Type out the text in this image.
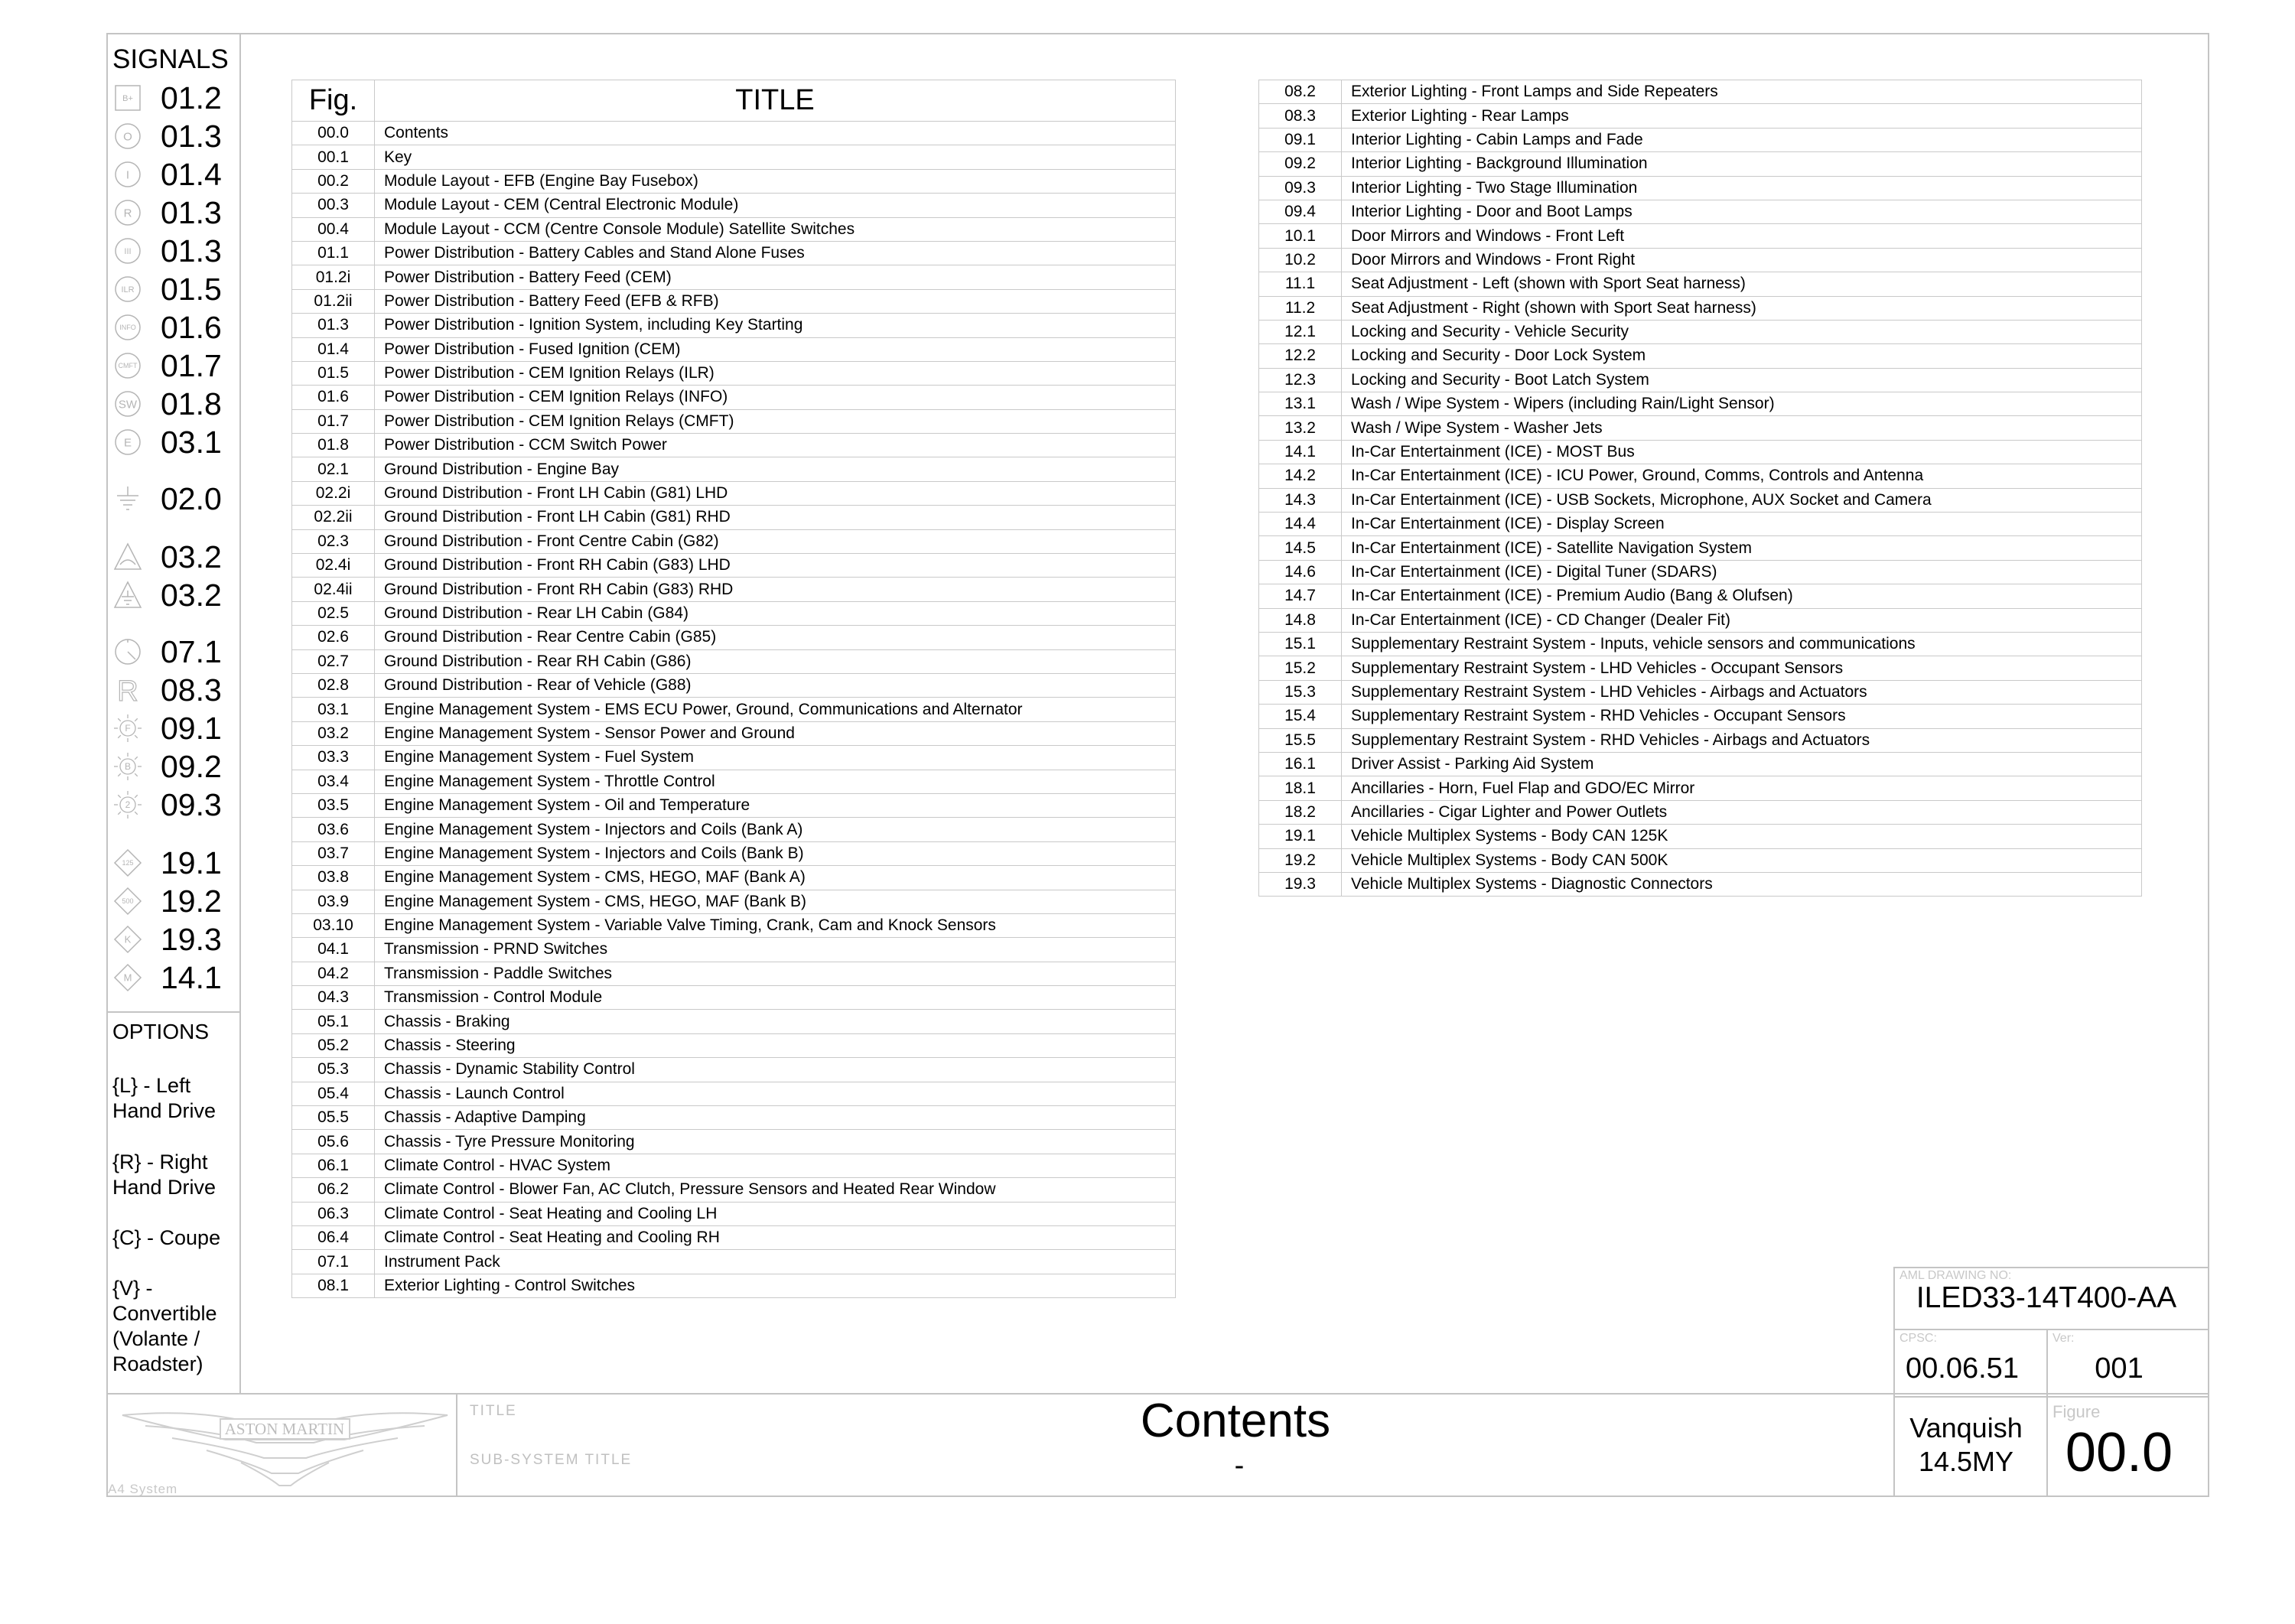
SIGNALS
B+ 01.2
O 01.3
I 01.4
R 01.3
III 01.3
ILR 01.5
INFO 01.6
CMFT 01.7
SW 01.8
E 03.1
02.0
03.2
03.2
07.1
R 08.3
F 09.1
B 09.2
2 09.3
125 19.1
500 19.2
K 19.3
M 14.1
OPTIONS
{L} - Left Hand Drive
{R} - Right Hand Drive
{C} - Coupe
{V} - Convertible (Volante / Roadster)
Fig.	TITLE
00.0	Contents
00.1	Key
00.2	Module Layout - EFB (Engine Bay Fusebox)
00.3	Module Layout - CEM (Central Electronic Module)
00.4	Module Layout - CCM (Centre Console Module) Satellite Switches
01.1	Power Distribution - Battery Cables and Stand Alone Fuses
01.2i	Power Distribution - Battery Feed (CEM)
01.2ii	Power Distribution - Battery Feed (EFB & RFB)
01.3	Power Distribution - Ignition System, including Key Starting
01.4	Power Distribution - Fused Ignition (CEM)
01.5	Power Distribution - CEM Ignition Relays (ILR)
01.6	Power Distribution - CEM Ignition Relays (INFO)
01.7	Power Distribution - CEM Ignition Relays (CMFT)
01.8	Power Distribution - CCM Switch Power
02.1	Ground Distribution - Engine Bay
02.2i	Ground Distribution - Front LH Cabin (G81) LHD
02.2ii	Ground Distribution - Front LH Cabin (G81) RHD
02.3	Ground Distribution - Front Centre Cabin (G82)
02.4i	Ground Distribution - Front RH Cabin (G83) LHD
02.4ii	Ground Distribution - Front RH Cabin (G83) RHD
02.5	Ground Distribution - Rear LH Cabin (G84)
02.6	Ground Distribution - Rear Centre Cabin (G85)
02.7	Ground Distribution - Rear RH Cabin (G86)
02.8	Ground Distribution - Rear of Vehicle (G88)
03.1	Engine Management System - EMS ECU Power, Ground, Communications and Alternator
03.2	Engine Management System - Sensor Power and Ground
03.3	Engine Management System - Fuel System
03.4	Engine Management System - Throttle Control
03.5	Engine Management System - Oil and Temperature
03.6	Engine Management System - Injectors and Coils (Bank A)
03.7	Engine Management System - Injectors and Coils (Bank B)
03.8	Engine Management System - CMS, HEGO, MAF (Bank A)
03.9	Engine Management System - CMS, HEGO, MAF (Bank B)
03.10	Engine Management System - Variable Valve Timing, Crank, Cam and Knock Sensors
04.1	Transmission - PRND Switches
04.2	Transmission - Paddle Switches
04.3	Transmission - Control Module
05.1	Chassis - Braking
05.2	Chassis - Steering
05.3	Chassis - Dynamic Stability Control
05.4	Chassis - Launch Control
05.5	Chassis - Adaptive Damping
05.6	Chassis - Tyre Pressure Monitoring
06.1	Climate Control - HVAC System
06.2	Climate Control - Blower Fan, AC Clutch, Pressure Sensors and Heated Rear Window
06.3	Climate Control - Seat Heating and Cooling LH
06.4	Climate Control - Seat Heating and Cooling RH
07.1	Instrument Pack
08.1	Exterior Lighting - Control Switches
08.2	Exterior Lighting - Front Lamps and Side Repeaters
08.3	Exterior Lighting - Rear Lamps
09.1	Interior Lighting - Cabin Lamps and Fade
09.2	Interior Lighting - Background Illumination
09.3	Interior Lighting - Two Stage Illumination
09.4	Interior Lighting - Door and Boot Lamps
10.1	Door Mirrors and Windows - Front Left
10.2	Door Mirrors and Windows - Front Right
11.1	Seat Adjustment - Left (shown with Sport Seat harness)
11.2	Seat Adjustment - Right (shown with Sport Seat harness)
12.1	Locking and Security - Vehicle Security
12.2	Locking and Security - Door Lock System
12.3	Locking and Security - Boot Latch System
13.1	Wash / Wipe System - Wipers (including Rain/Light Sensor)
13.2	Wash / Wipe System - Washer Jets
14.1	In-Car Entertainment (ICE) - MOST Bus
14.2	In-Car Entertainment (ICE) - ICU Power, Ground, Comms, Controls and Antenna
14.3	In-Car Entertainment (ICE) - USB Sockets, Microphone, AUX Socket and Camera
14.4	In-Car Entertainment (ICE) - Display Screen
14.5	In-Car Entertainment (ICE) - Satellite Navigation System
14.6	In-Car Entertainment (ICE) - Digital Tuner (SDARS)
14.7	In-Car Entertainment (ICE) - Premium Audio (Bang & Olufsen)
14.8	In-Car Entertainment (ICE) - CD Changer (Dealer Fit)
15.1	Supplementary Restraint System - Inputs, vehicle sensors and communications
15.2	Supplementary Restraint System - LHD Vehicles - Occupant Sensors
15.3	Supplementary Restraint System - LHD Vehicles - Airbags and Actuators
15.4	Supplementary Restraint System - RHD Vehicles - Occupant Sensors
15.5	Supplementary Restraint System - RHD Vehicles - Airbags and Actuators
16.1	Driver Assist - Parking Aid System
18.1	Ancillaries - Horn, Fuel Flap and GDO/EC Mirror
18.2	Ancillaries - Cigar Lighter and Power Outlets
19.1	Vehicle Multiplex Systems - Body CAN 125K
19.2	Vehicle Multiplex Systems - Body CAN 500K
19.3	Vehicle Multiplex Systems - Diagnostic Connectors
ASTON MARTIN
A4 System
TITLE
SUB-SYSTEM TITLE
Contents
-
AML DRAWING NO:
ILED33-14T400-AA
CPSC:
00.06.51
Ver:
001
Vanquish
14.5MY
Figure
00.0
